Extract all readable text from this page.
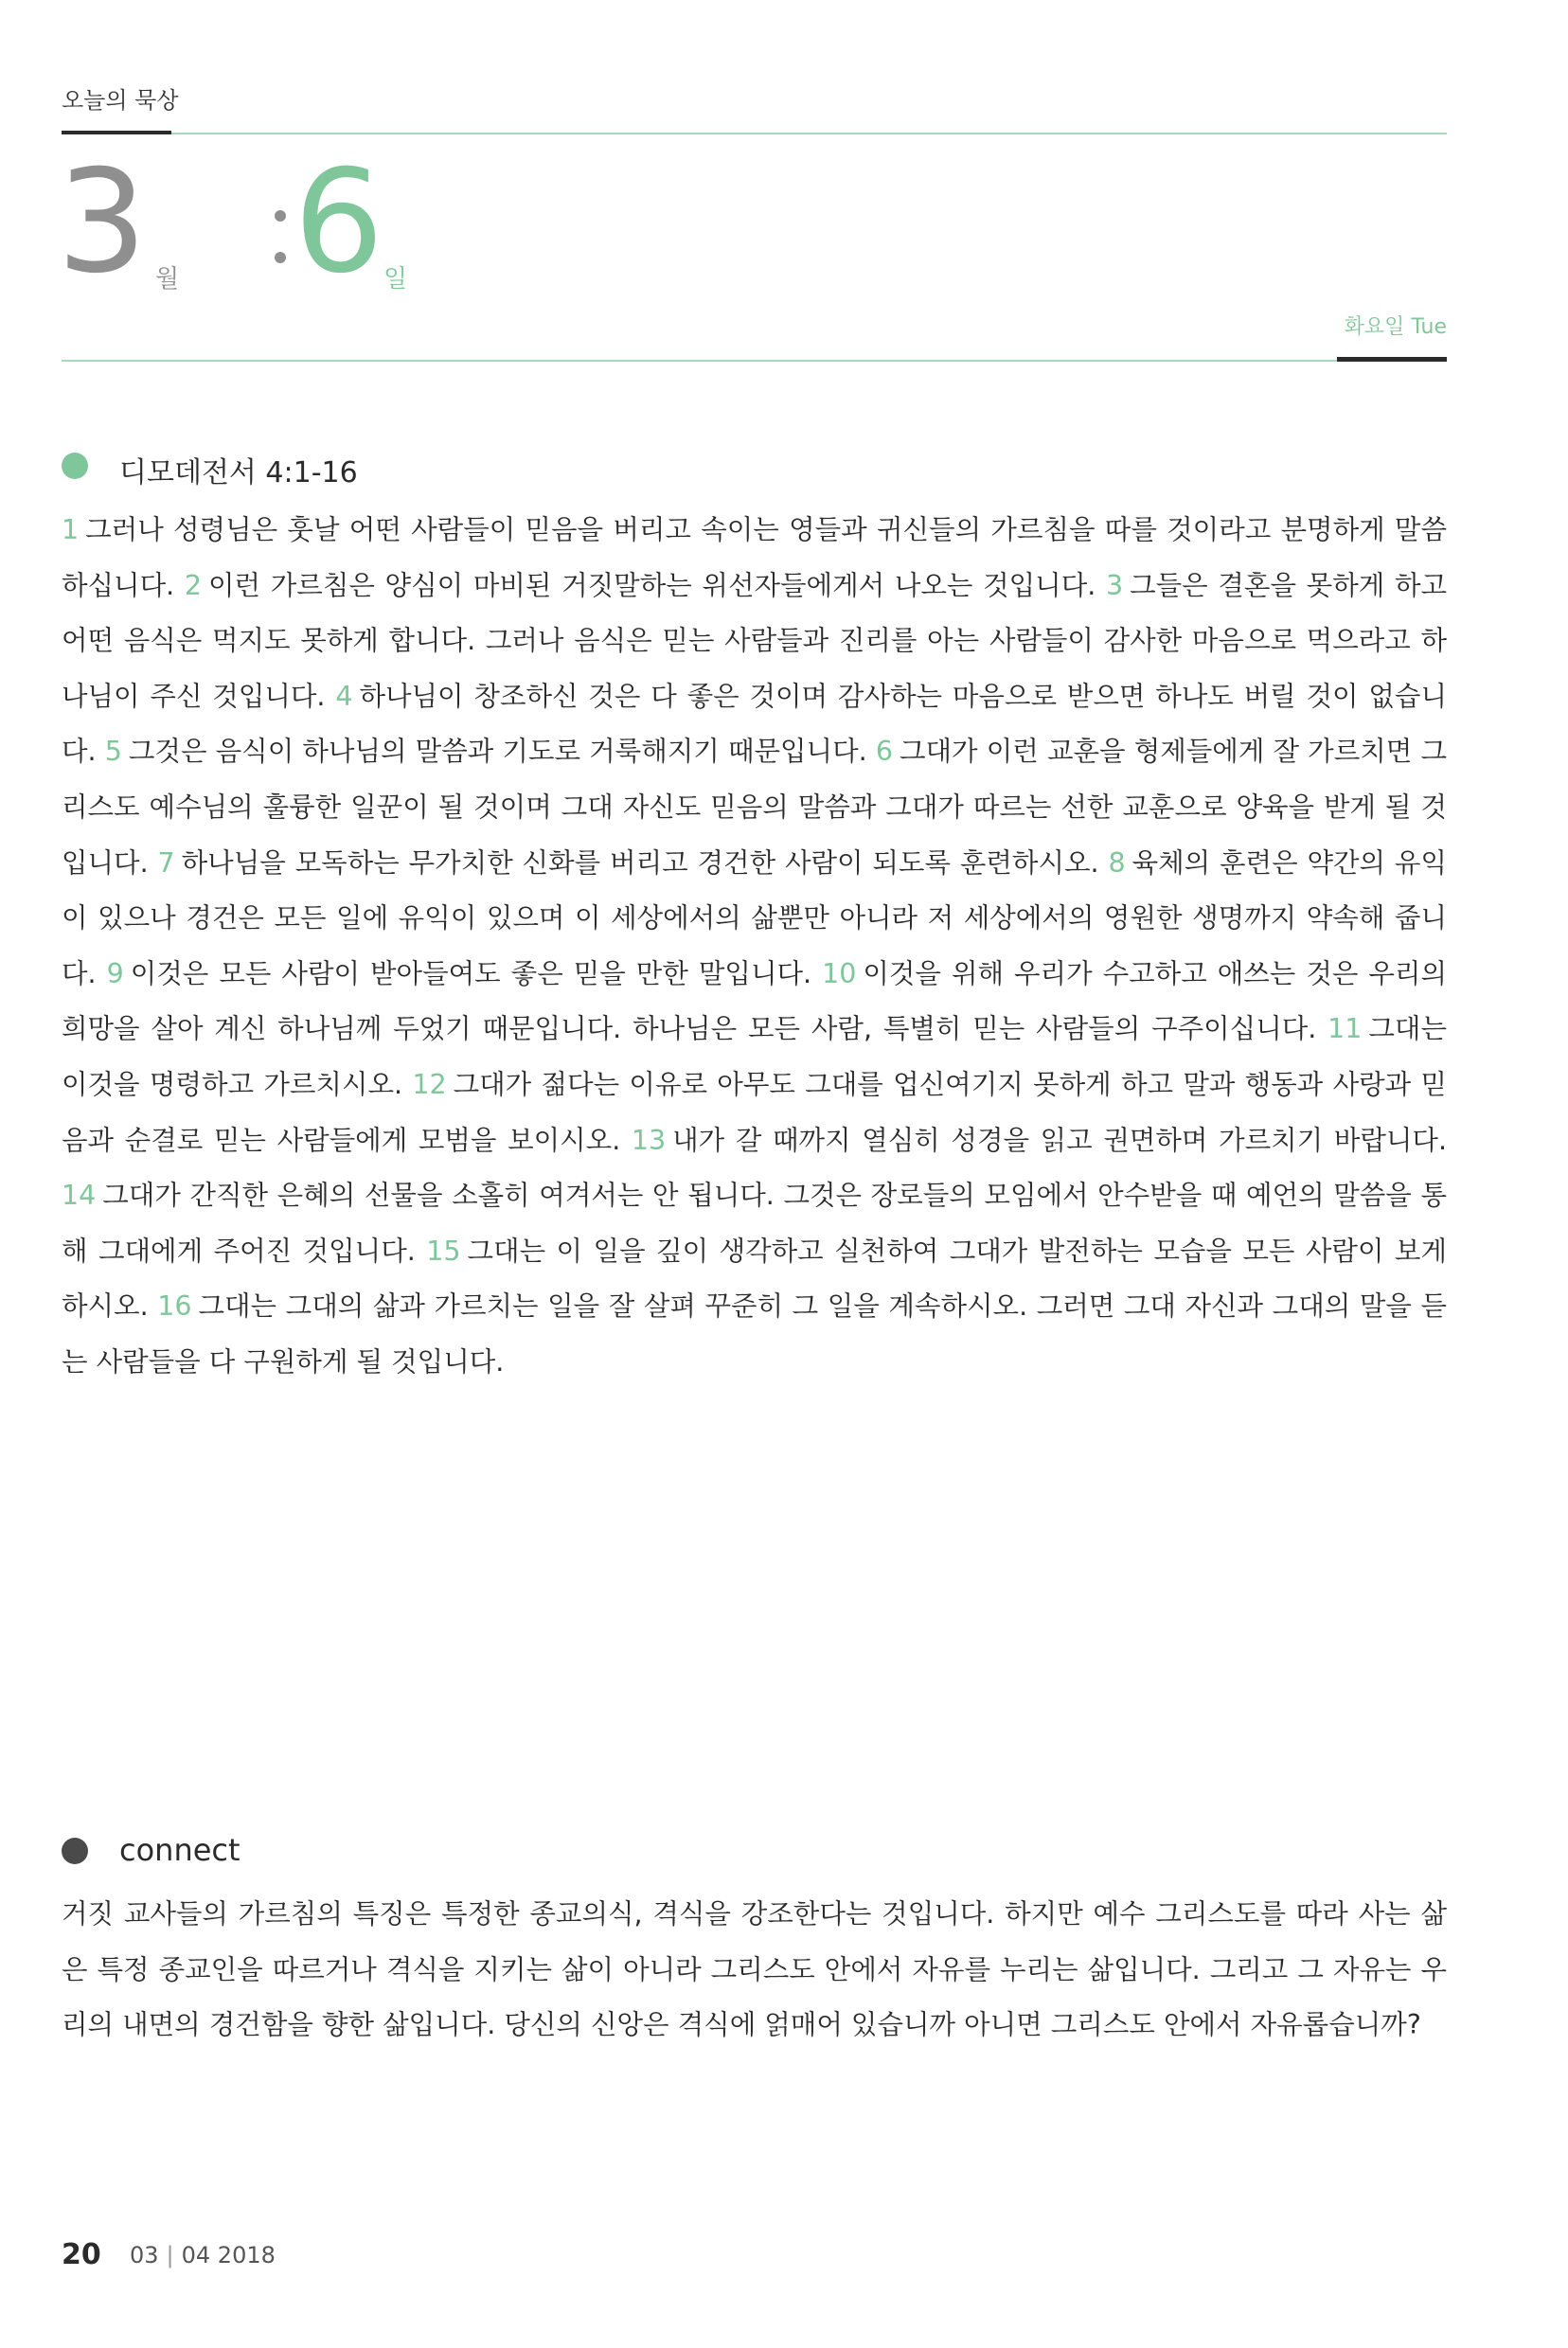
오늘의 묵상
3 월 6 일
화요일 Tue
디모데전서 4:1-16
1 그러나 성령님은 훗날 어떤 사람들이 믿음을 버리고 속이는 영들과 귀신들의 가르침을 따를 것이라고 분명하게 말씀하십니다. 2 이런 가르침은 양심이 마비된 거짓말하는 위선자들에게서 나오는 것입니다. 3 그들은 결혼을 못하게 하고 어떤 음식은 먹지도 못하게 합니다. 그러나 음식은 믿는 사람들과 진리를 아는 사람들이 감사한 마음으로 먹으라고 하나님이 주신 것입니다. 4 하나님이 창조하신 것은 다 좋은 것이며 감사하는 마음으로 받으면 하나도 버릴 것이 없습니다. 5 그것은 음식이 하나님의 말씀과 기도로 거룩해지기 때문입니다. 6 그대가 이런 교훈을 형제들에게 잘 가르치면 그리스도 예수님의 훌륭한 일꾼이 될 것이며 그대 자신도 믿음의 말씀과 그대가 따르는 선한 교훈으로 양육을 받게 될 것입니다. 7 하나님을 모독하는 무가치한 신화를 버리고 경건한 사람이 되도록 훈련하시오. 8 육체의 훈련은 약간의 유익이 있으나 경건은 모든 일에 유익이 있으며 이 세상에서의 삶뿐만 아니라 저 세상에서의 영원한 생명까지 약속해 줍니다. 9 이것은 모든 사람이 받아들여도 좋은 믿을 만한 말입니다. 10 이것을 위해 우리가 수고하고 애쓰는 것은 우리의 희망을 살아 계신 하나님께 두었기 때문입니다. 하나님은 모든 사람, 특별히 믿는 사람들의 구주이십니다. 11 그대는 이것을 명령하고 가르치시오. 12 그대가 젊다는 이유로 아무도 그대를 업신여기지 못하게 하고 말과 행동과 사랑과 믿음과 순결로 믿는 사람들에게 모범을 보이시오. 13 내가 갈 때까지 열심히 성경을 읽고 권면하며 가르치기 바랍니다. 14 그대가 간직한 은혜의 선물을 소홀히 여겨서는 안 됩니다. 그것은 장로들의 모임에서 안수받을 때 예언의 말씀을 통해 그대에게 주어진 것입니다. 15 그대는 이 일을 깊이 생각하고 실천하여 그대가 발전하는 모습을 모든 사람이 보게 하시오. 16 그대는 그대의 삶과 가르치는 일을 잘 살펴 꾸준히 그 일을 계속하시오. 그러면 그대 자신과 그대의 말을 듣는 사람들을 다 구원하게 될 것입니다.
connect
거짓 교사들의 가르침의 특징은 특정한 종교의식, 격식을 강조한다는 것입니다. 하지만 예수 그리스도를 따라 사는 삶은 특정 종교인을 따르거나 격식을 지키는 삶이 아니라 그리스도 안에서 자유를 누리는 삶입니다. 그리고 그 자유는 우리의 내면의 경건함을 향한 삶입니다. 당신의 신앙은 격식에 얽매어 있습니까 아니면 그리스도 안에서 자유롭습니까?
20 03 | 04 2018
